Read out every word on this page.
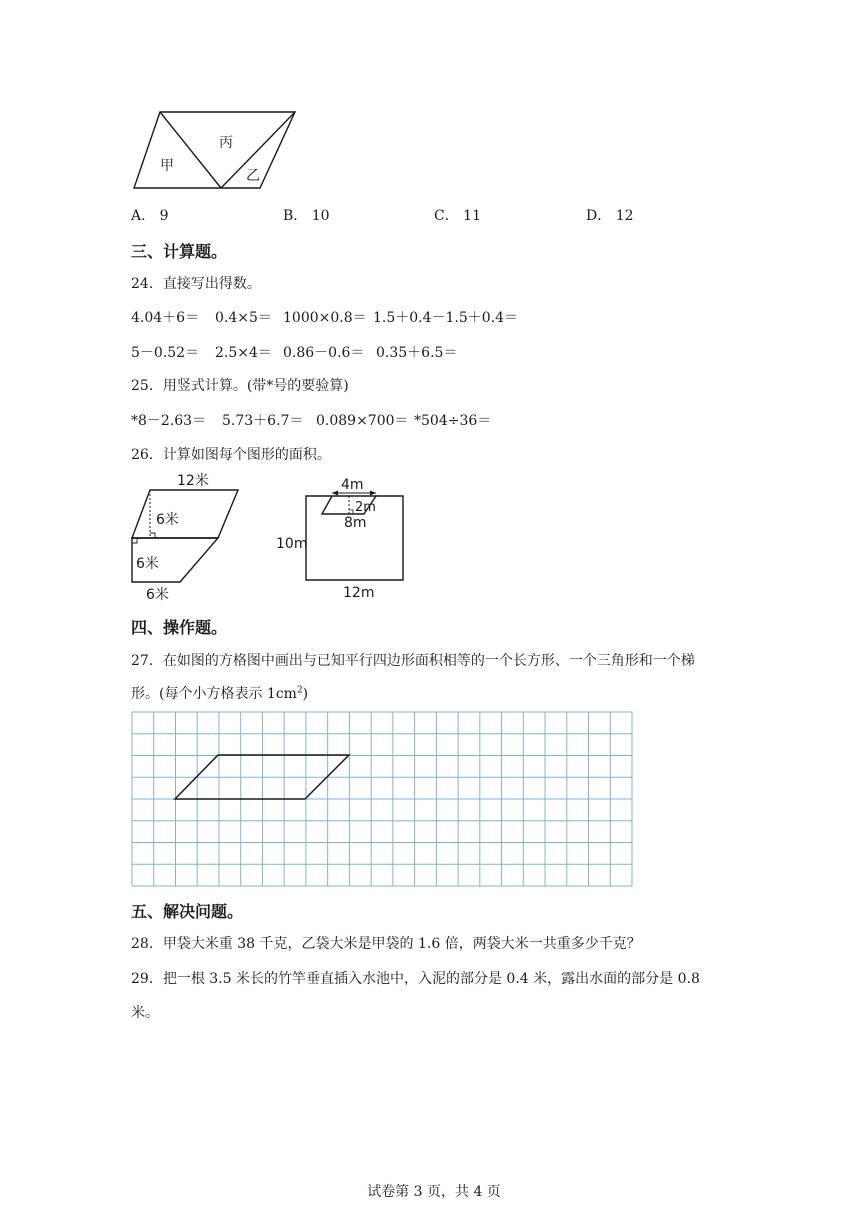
甲
丙
乙
A． 9	B． 10	C． 11	D． 12
三、计算题。
24．直接写出得数。
4.04＋6＝ 0.4×5＝ 1000×0.8＝ 1.5＋0.4－1.5＋0.4＝
5－0.52＝ 2.5×4＝ 0.86－0.6＝ 0.35＋6.5＝
25．用竖式计算。(带*号的要验算)
*8－2.63＝ 5.73＋6.7＝ 0.089×700＝ *504÷36＝
26．计算如图每个图形的面积。
12米
6米
6米
6米
4m
2m
8m
10m
12m
四、操作题。
27．在如图的方格图中画出与已知平行四边形面积相等的一个长方形、一个三角形和一个梯
形。(每个小方格表示 $1cm^2$)
五、解决问题。
28．甲袋大米重 38 千克，乙袋大米是甲袋的 1.6 倍，两袋大米一共重多少千克？
29．把一根 3.5 米长的竹竿垂直插入水池中，入泥的部分是 0.4 米，露出水面的部分是 0.8
米。
试卷第 3 页，共 4 页
